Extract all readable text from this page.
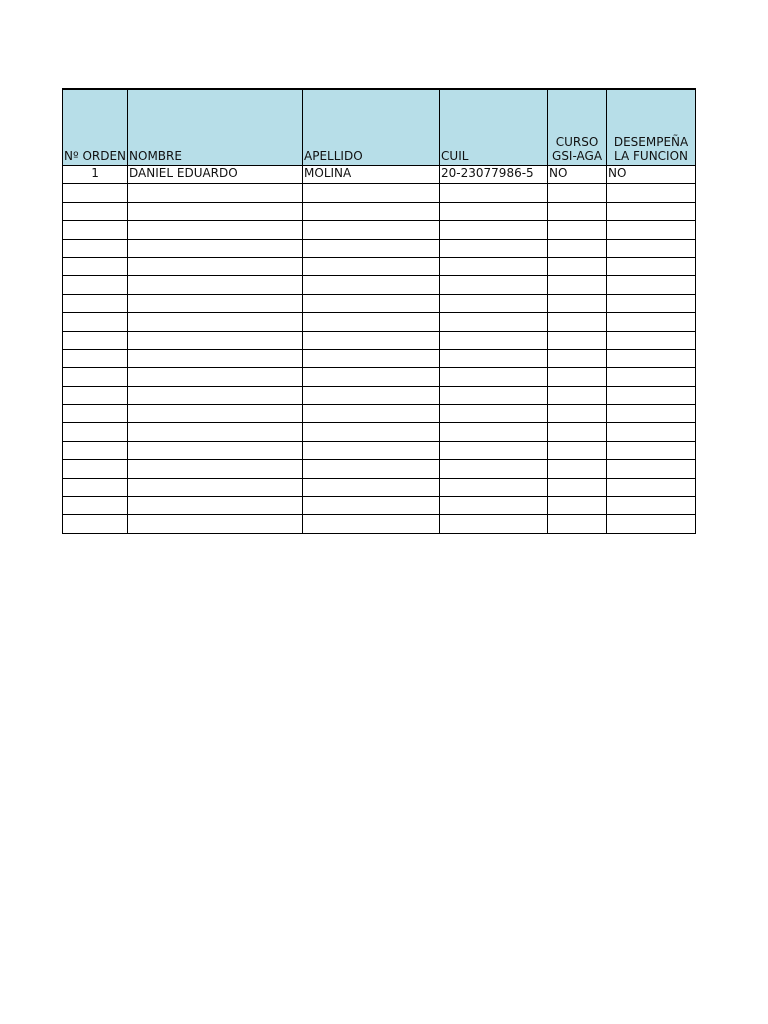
Nº ORDEN	NOMBRE	APELLIDO	CUIL	CURSO GSI-AGA	DESEMPEÑA LA FUNCION
1	DANIEL EDUARDO	MOLINA	20-23077986-5	NO	NO
